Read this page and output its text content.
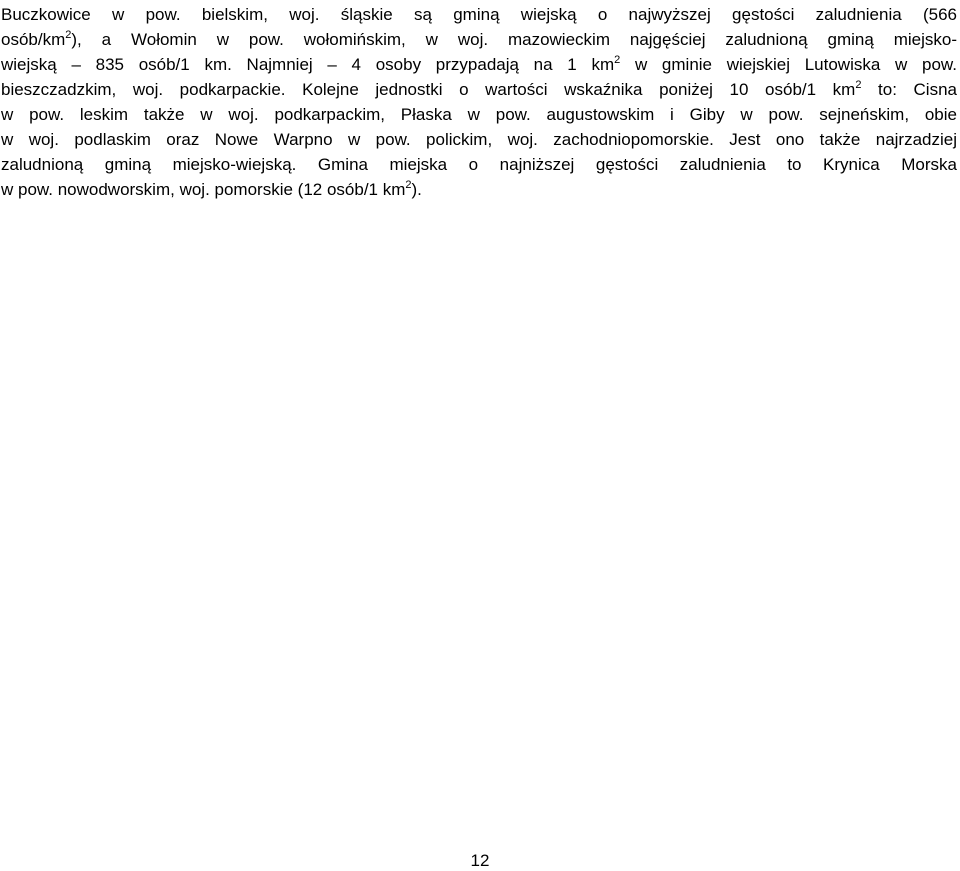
Buczkowice w pow. bielskim, woj. śląskie są gminą wiejską o najwyższej gęstości zaludnienia (566
osób/$km^2$), a Wołomin w pow. wołomińskim, w woj. mazowieckim najgęściej zaludnioną gminą miejsko-
wiejską – 835 osób/1 km. Najmniej – 4 osoby przypadają na 1 $km^2$ w gminie wiejskiej Lutowiska w pow.
bieszczadzkim, woj. podkarpackie. Kolejne jednostki o wartości wskaźnika poniżej 10 osób/1 $km^2$ to: Cisna
w pow. leskim także w woj. podkarpackim, Płaska w pow. augustowskim i Giby w pow. sejneńskim, obie
w woj. podlaskim oraz Nowe Warpno w pow. polickim, woj. zachodniopomorskie. Jest ono także najrzadziej
zaludnioną gminą miejsko-wiejską. Gmina miejska o najniższej gęstości zaludnienia to Krynica Morska
w pow. nowodworskim, woj. pomorskie (12 osób/1 $km^2$).
12
